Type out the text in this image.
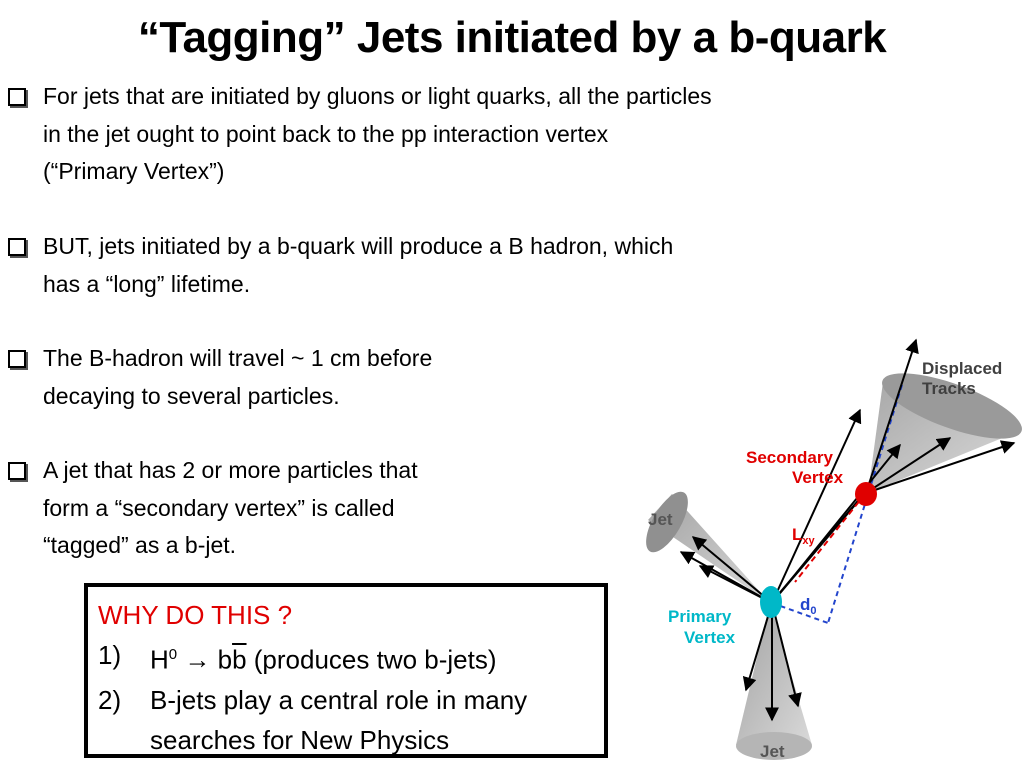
“Tagging” Jets initiated by a b-quark
For jets that are initiated by gluons or light quarks, all the particles
in the jet ought to point back to the pp interaction vertex
(“Primary Vertex”)
BUT, jets initiated by a b-quark will produce a B hadron, which
has a “long” lifetime.
The B-hadron will travel ~ 1 cm before
decaying to several particles.
A jet that has 2 or more particles that
form a “secondary vertex” is called
“tagged” as a b-jet.
WHY DO THIS ?
1) $H^0 \to b\overline{b}$ (produces two b-jets)
2) B-jets play a central role in many
searches for New Physics
Displaced
Tracks
Secondary
Vertex
$L_{xy}$
$d_0$
Primary
Vertex
Jet
Jet
